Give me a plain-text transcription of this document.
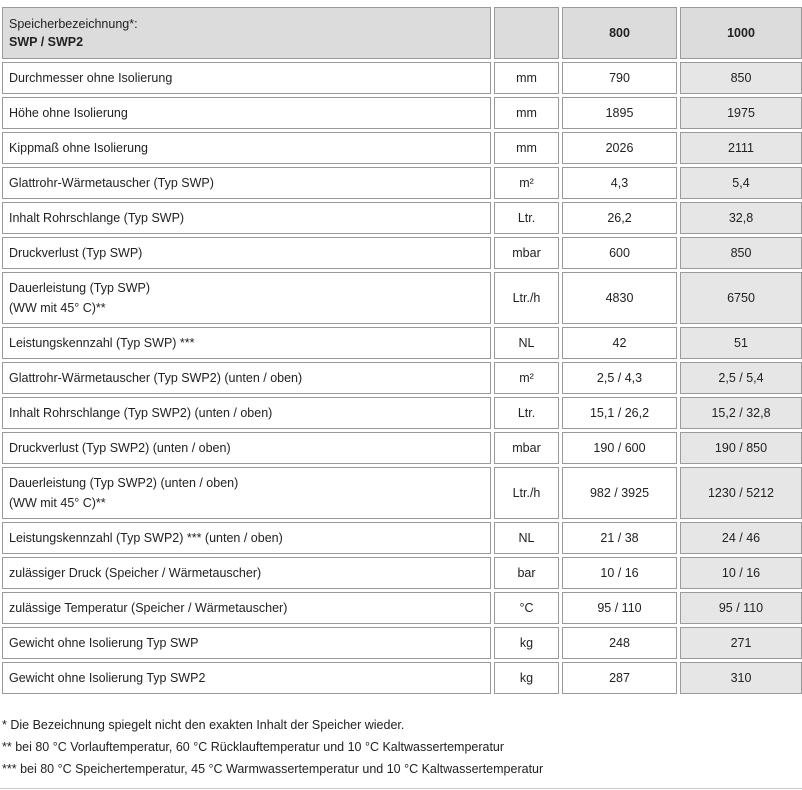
Speicherbezeichnung*:
SWP / SWP2		800	1000

Durchmesser ohne Isolierung	mm	790	850

Höhe ohne Isolierung	mm	1895	1975

Kippmaß ohne Isolierung	mm	2026	2111

Glattrohr-Wärmetauscher (Typ SWP)	m²	4,3	5,4

Inhalt Rohrschlange (Typ SWP)	Ltr.	26,2	32,8

Druckverlust (Typ SWP)	mbar	600	850

Dauerleistung (Typ SWP)
(WW mit 45° C)**	Ltr./h	4830	6750

Leistungskennzahl (Typ SWP) ***	NL	42	51

Glattrohr-Wärmetauscher (Typ SWP2) (unten / oben)	m²	2,5 / 4,3	2,5 / 5,4

Inhalt Rohrschlange (Typ SWP2) (unten / oben)	Ltr.	15,1 / 26,2	15,2 / 32,8

Druckverlust (Typ SWP2) (unten / oben)	mbar	190 / 600	190 / 850

Dauerleistung (Typ SWP2) (unten / oben)
(WW mit 45° C)**	Ltr./h	982 / 3925	1230 / 5212

Leistungskennzahl (Typ SWP2) *** (unten / oben)	NL	21 / 38	24 / 46

zulässiger Druck (Speicher / Wärmetauscher)	bar	10 / 16	10 / 16

zulässige Temperatur (Speicher / Wärmetauscher)	°C	95 / 110	95 / 110

Gewicht ohne Isolierung Typ SWP	kg	248	271

Gewicht ohne Isolierung Typ SWP2	kg	287	310
* Die Bezeichnung spiegelt nicht den exakten Inhalt der Speicher wieder.
** bei 80 °C Vorlauftemperatur, 60 °C Rücklauftemperatur und 10 °C Kaltwassertemperatur
*** bei 80 °C Speichertemperatur, 45 °C Warmwassertemperatur und 10 °C Kaltwassertemperatur
